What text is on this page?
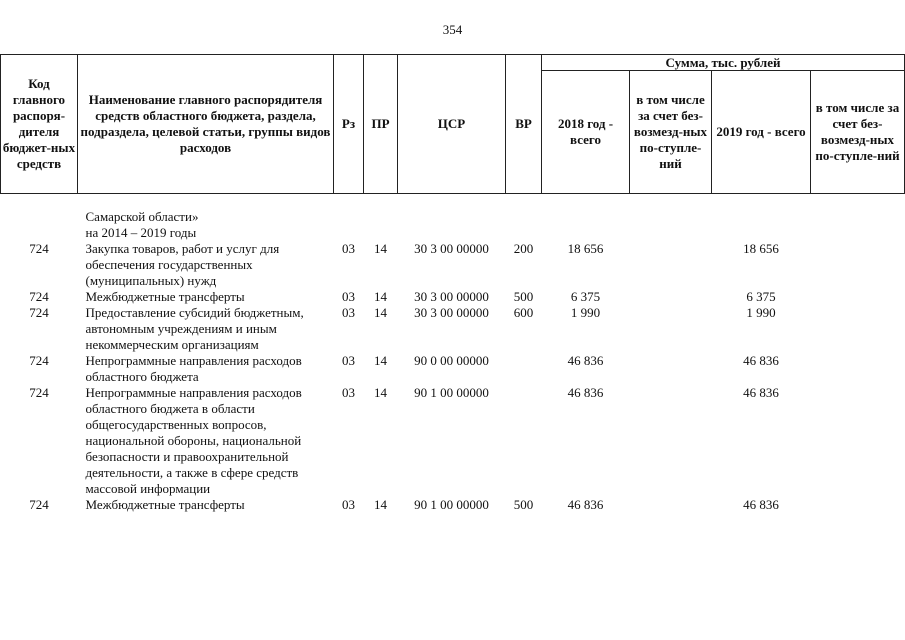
354
Код главного распоря-дителя бюджет-ных средств	Наименование главного распорядителя средств областного бюджета, раздела, подраздела, целевой статьи, группы видов расходов	Рз	ПР	ЦСР	ВР	Сумма, тыс. рублей			
						2018 год - всего	в том числе за счет без-возмезд-ных по-ступле-ний	2019 год - всего	в том числе за счет без-возмезд-ных по-ступле-ний

	Самарской области»
на 2014 – 2019 годы								
724	Закупка товаров, работ и услуг для обеспечения государственных (муниципальных) нужд	03	14	30 3 00 00000	200	18 656		18 656	
724	Межбюджетные трансферты	03	14	30 3 00 00000	500	6 375		6 375	
724	Предоставление субсидий бюджетным, автономным учреждениям и иным некоммерческим организациям	03	14	30 3 00 00000	600	1 990		1 990	
724	Непрограммные направления расходов областного бюджета	03	14	90 0 00 00000		46 836		46 836	
724	Непрограммные направления расходов областного бюджета в области общегосударственных вопросов, национальной обороны, национальной безопасности и правоохранительной деятельности, а также в сфере средств массовой информации	03	14	90 1 00 00000		46 836		46 836	
724	Межбюджетные трансферты	03	14	90 1 00 00000	500	46 836		46 836	
